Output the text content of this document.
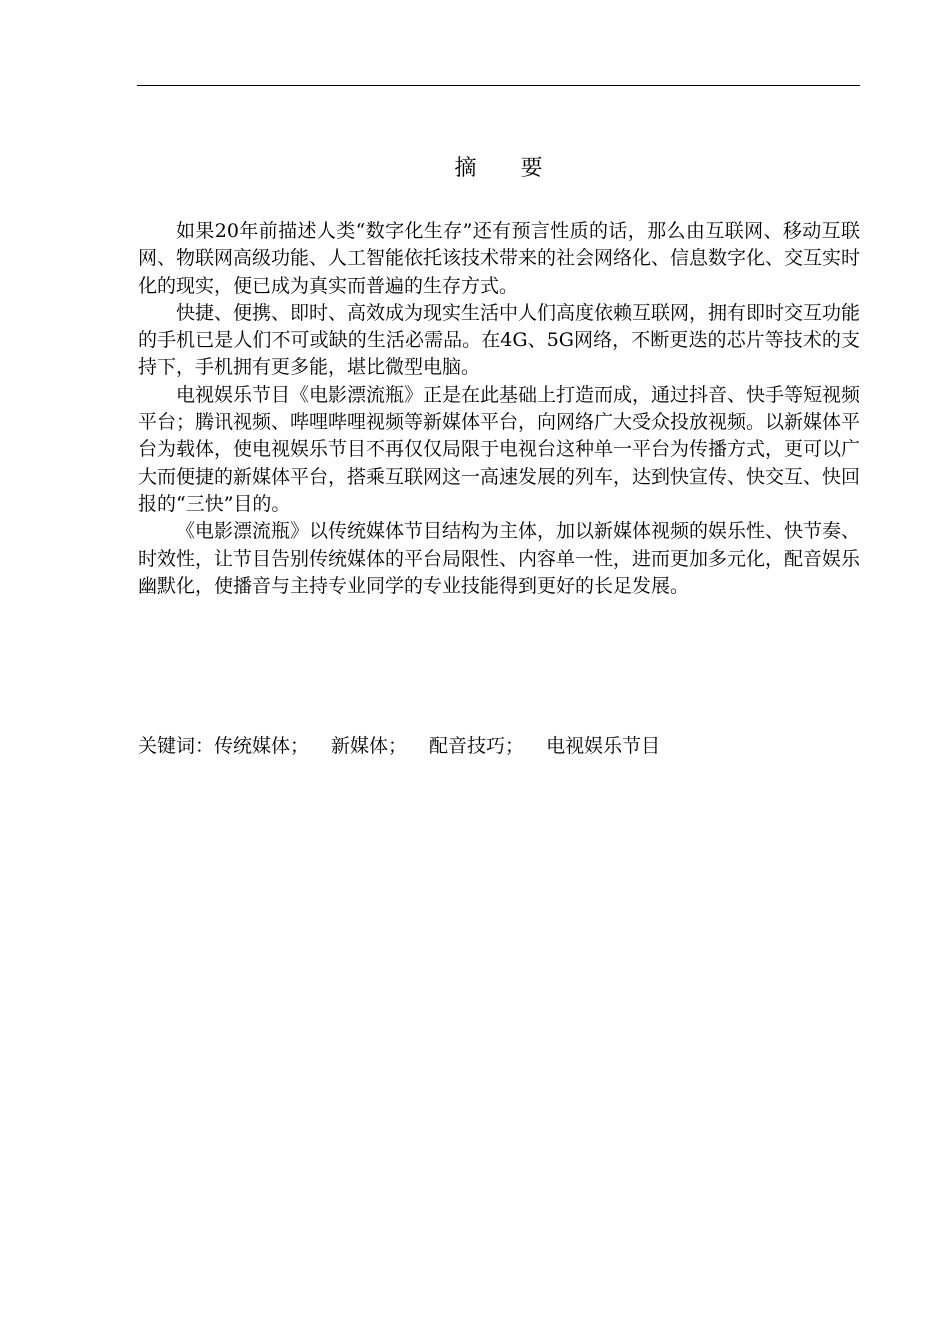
摘 要

如果20年前描述人类“数字化生存”还有预言性质的话，那么由互联网、移动互联网、物联网高级功能、人工智能依托该技术带来的社会网络化、信息数字化、交互实时化的现实，便已成为真实而普遍的生存方式。

快捷、便携、即时、高效成为现实生活中人们高度依赖互联网，拥有即时交互功能的手机已是人们不可或缺的生活必需品。在4G、5G网络，不断更迭的芯片等技术的支持下，手机拥有更多能，堪比微型电脑。

电视娱乐节目《电影漂流瓶》正是在此基础上打造而成，通过抖音、快手等短视频平台；腾讯视频、哔哩哔哩视频等新媒体平台，向网络广大受众投放视频。以新媒体平台为载体，使电视娱乐节目不再仅仅局限于电视台这种单一平台为传播方式，更可以广大而便捷的新媒体平台，搭乘互联网这一高速发展的列车，达到快宣传、快交互、快回报的“三快”目的。

《电影漂流瓶》以传统媒体节目结构为主体，加以新媒体视频的娱乐性、快节奏、时效性，让节目告别传统媒体的平台局限性、内容单一性，进而更加多元化，配音娱乐幽默化，使播音与主持专业同学的专业技能得到更好的长足发展。

关键词：传统媒体； 新媒体； 配音技巧； 电视娱乐节目
